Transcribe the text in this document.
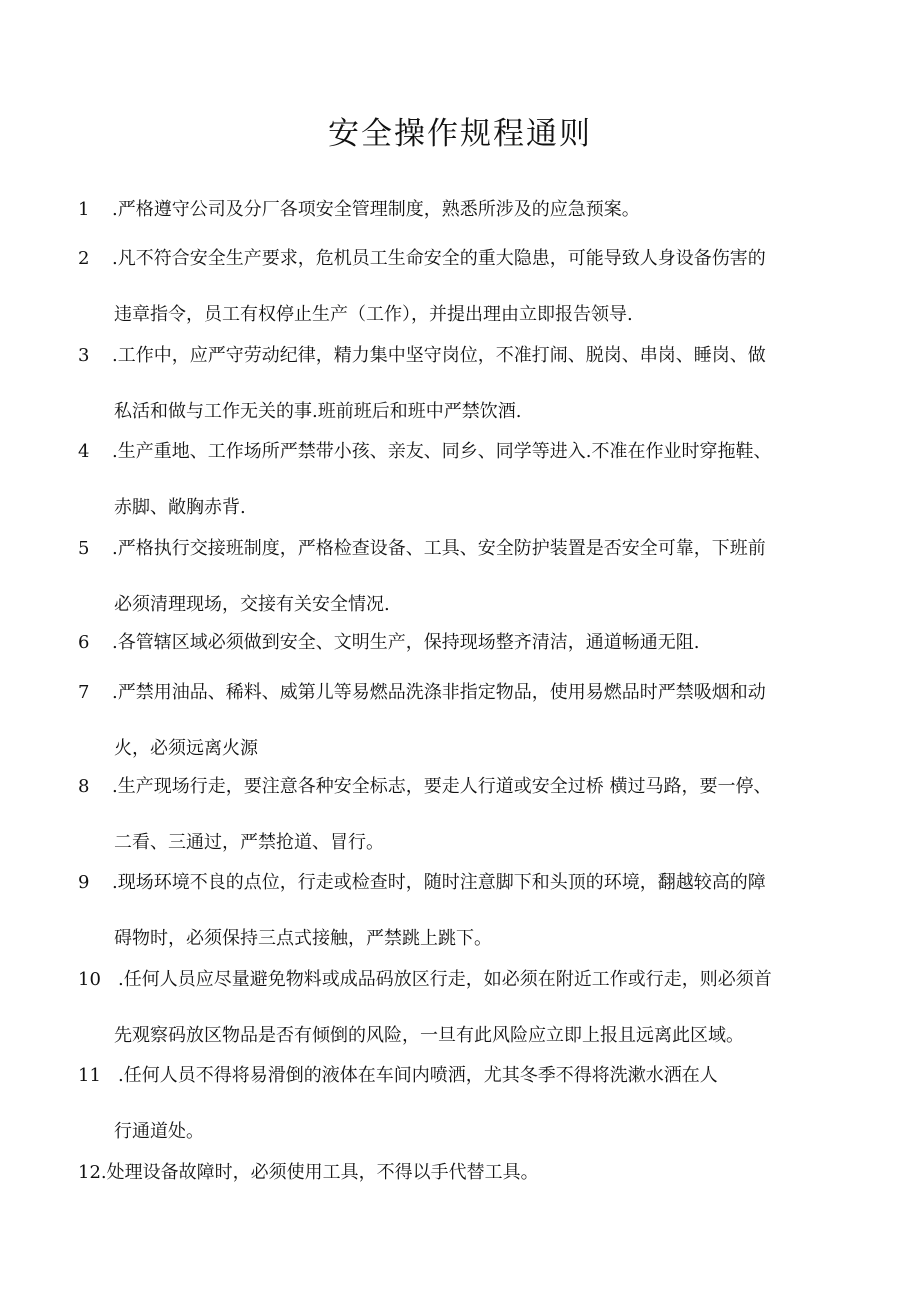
安全操作规程通则
1 .严格遵守公司及分厂各项安全管理制度，熟悉所涉及的应急预案。
2 .凡不符合安全生产要求，危机员工生命安全的重大隐患，可能导致人身设备伤害的
违章指令，员工有权停止生产（工作），并提出理由立即报告领导.
3 .工作中，应严守劳动纪律，精力集中坚守岗位，不准打闹、脱岗、串岗、睡岗、做
私活和做与工作无关的事.班前班后和班中严禁饮酒.
4 .生产重地、工作场所严禁带小孩、亲友、同乡、同学等进入.不准在作业时穿拖鞋、
赤脚、敞胸赤背.
5 .严格执行交接班制度，严格检查设备、工具、安全防护装置是否安全可靠，下班前
必须清理现场，交接有关安全情况.
6 .各管辖区域必须做到安全、文明生产，保持现场整齐清洁，通道畅通无阻.
7 .严禁用油品、稀料、威第儿等易燃品洗涤非指定物品，使用易燃品时严禁吸烟和动
火，必须远离火源
8 .生产现场行走，要注意各种安全标志，要走人行道或安全过桥 横过马路，要一停、
二看、三通过，严禁抢道、冒行。
9 .现场环境不良的点位，行走或检查时，随时注意脚下和头顶的环境，翻越较高的障
碍物时，必须保持三点式接触，严禁跳上跳下。
10 .任何人员应尽量避免物料或成品码放区行走，如必须在附近工作或行走，则必须首
先观察码放区物品是否有倾倒的风险，一旦有此风险应立即上报且远离此区域。
11 .任何人员不得将易滑倒的液体在车间内喷洒，尤其冬季不得将洗漱水洒在人
行通道处。
12.处理设备故障时，必须使用工具，不得以手代替工具。
